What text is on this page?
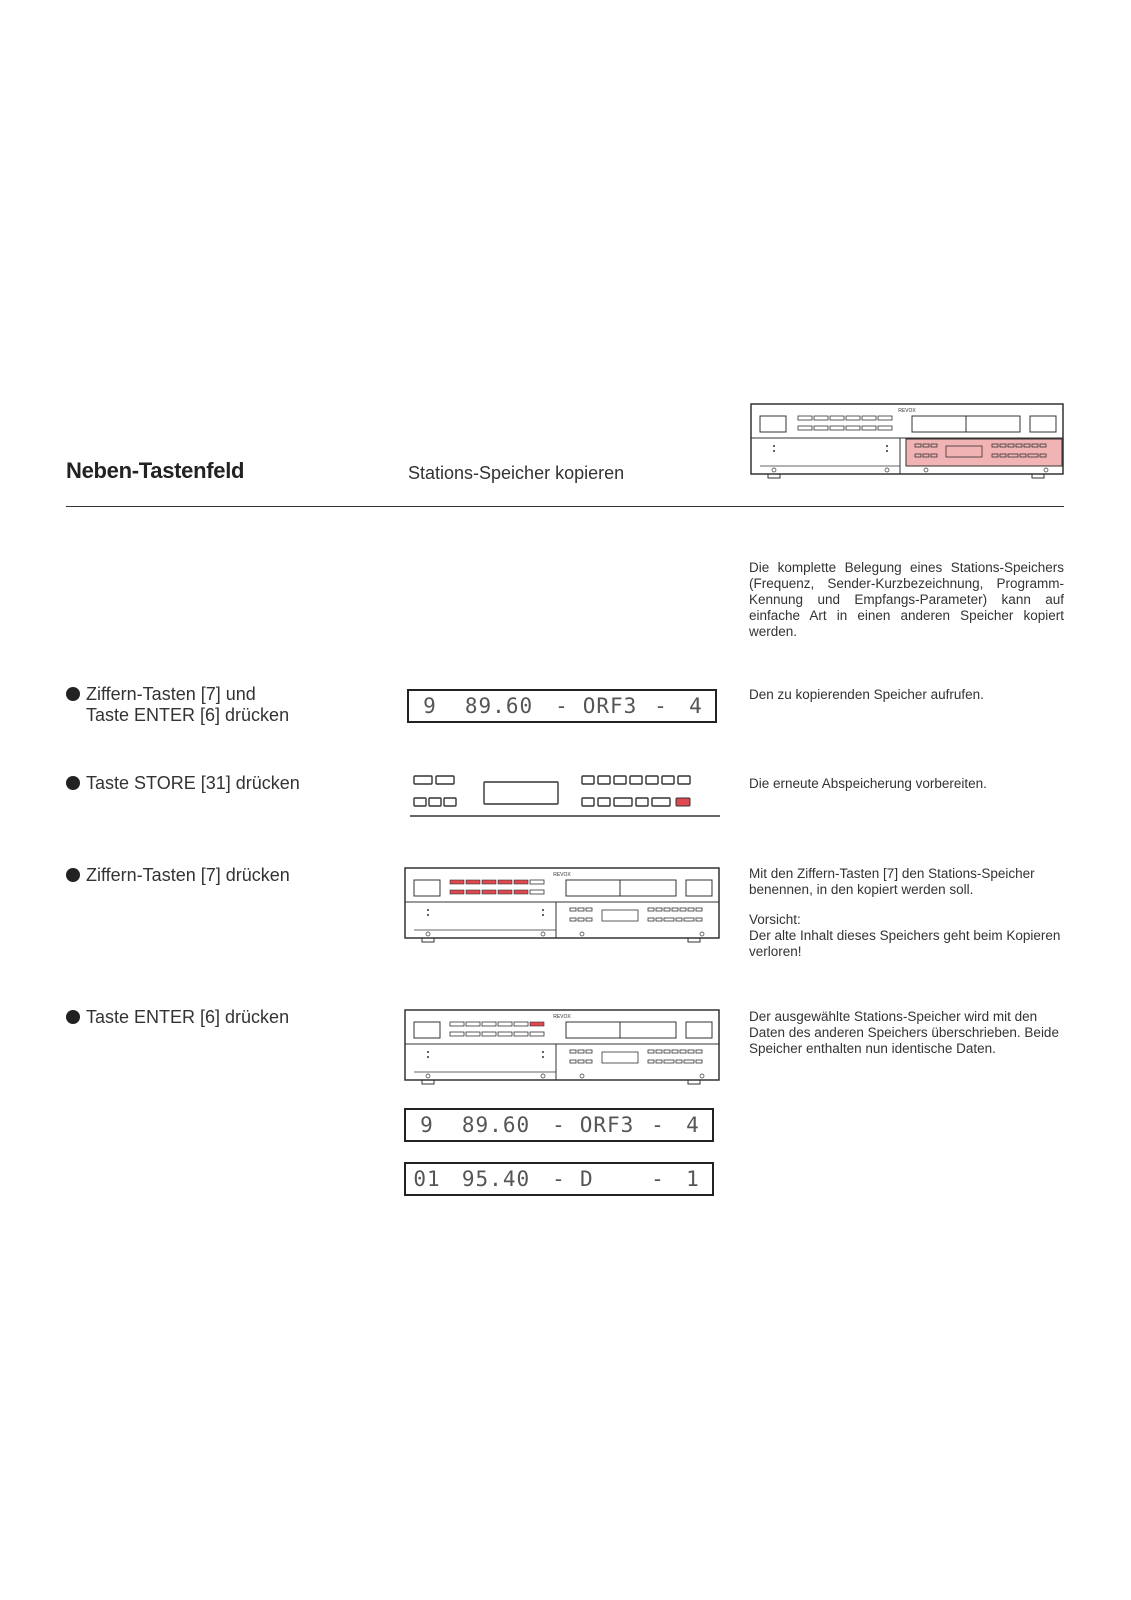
Neben-Tastenfeld	Stations-Speicher kopieren
REVOX
Die komplette Belegung eines Stations-Speichers (Frequenz, Sender-Kurzbezeichnung, Programm-Kennung und Empfangs-Parameter) kann auf einfache Art in einen anderen Speicher kopiert werden.
Ziffern-Tasten [7] und
Taste ENTER [6] drücken	9	89.60	- ORF3 -	4	Den zu kopierenden Speicher aufrufen.
Taste STORE [31] drücken	Die erneute Abspeicherung vorbereiten.
Ziffern-Tasten [7] drücken	REVOX	Mit den Ziffern-Tasten [7] den Stations-Speicher benennen, in den kopiert werden soll.
Vorsicht:
Der alte Inhalt dieses Speichers geht beim Kopieren verloren!
Taste ENTER [6] drücken	REVOX	Der ausgewählte Stations-Speicher wird mit den Daten des anderen Speichers überschrieben. Beide Speicher enthalten nun identische Daten.
9	89.60	- ORF3 -	4
01	95.40	- D	-	1
